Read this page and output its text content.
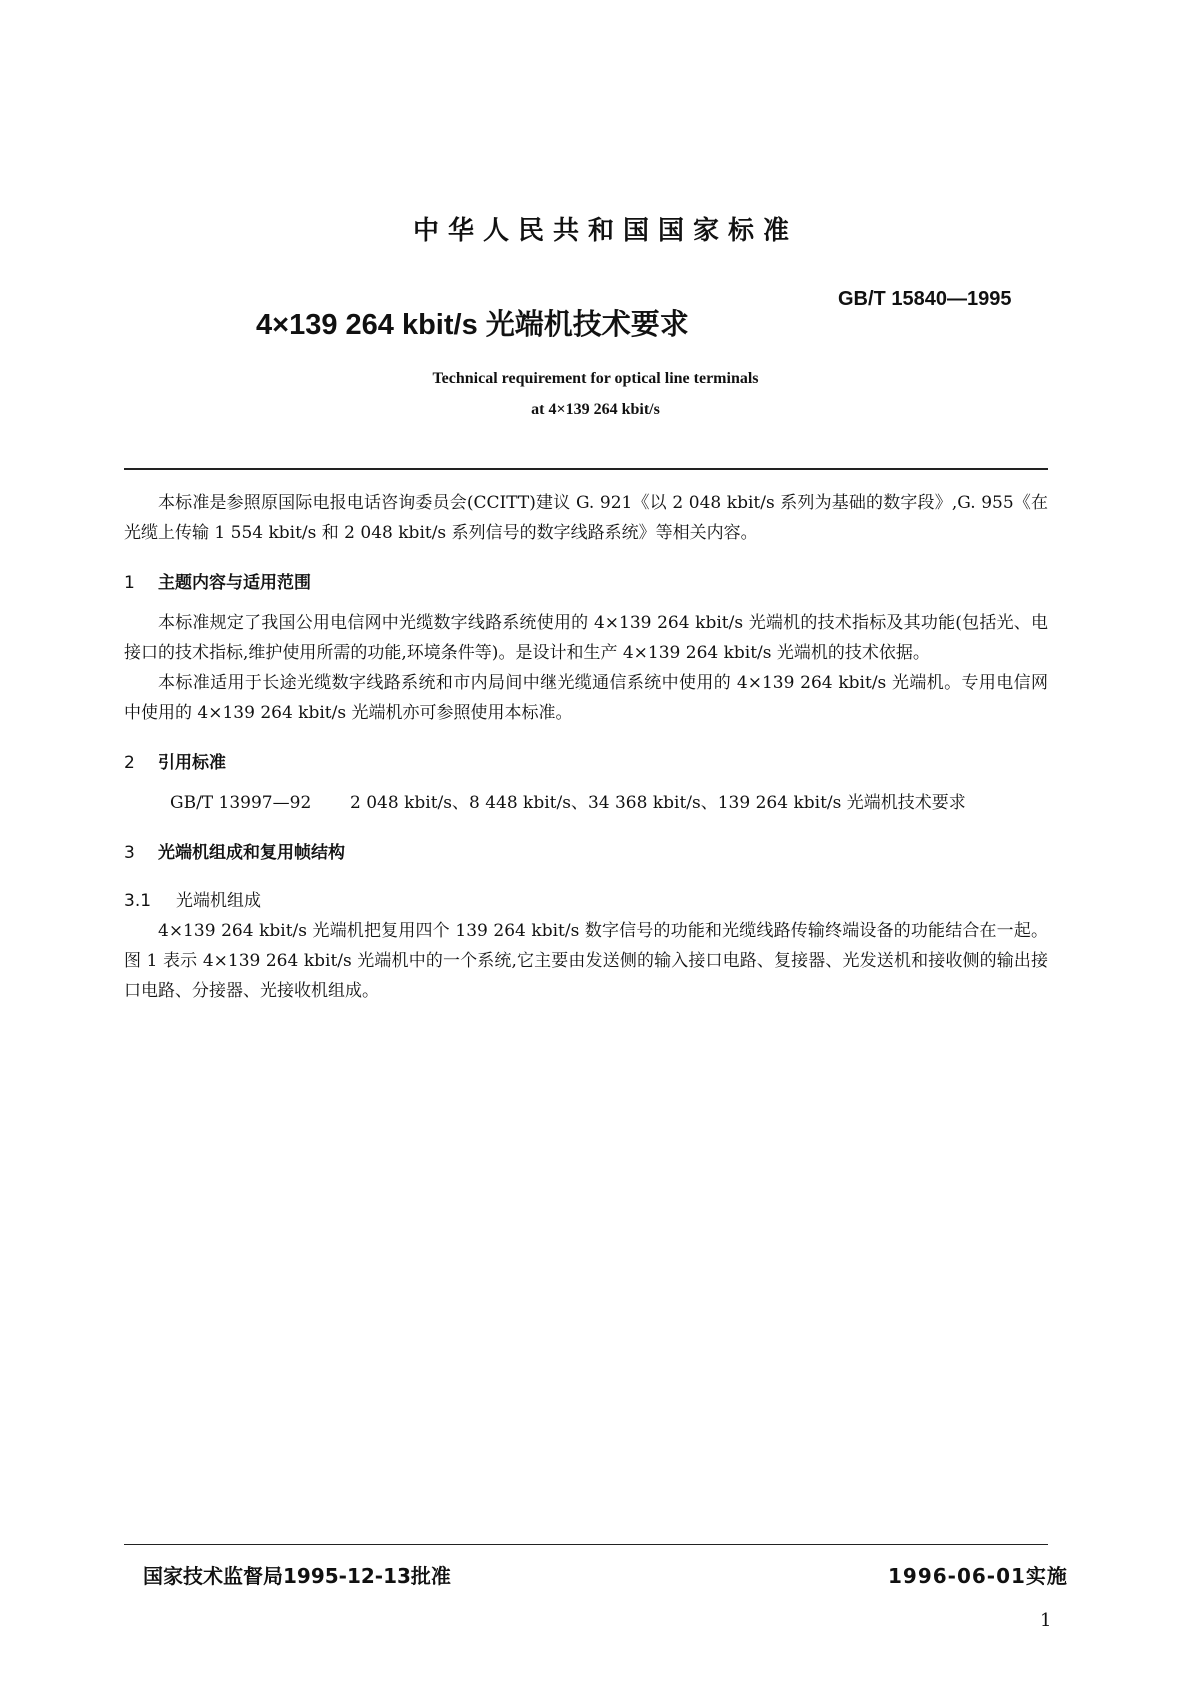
中华人民共和国国家标准
GB/T 15840—1995
4×139 264 kbit/s 光端机技术要求
Technical requirement for optical line terminals
at 4×139 264 kbit/s

本标准是参照原国际电报电话咨询委员会(CCITT)建议 G. 921《以 2 048 kbit/s 系列为基础的数字段》,G. 955《在光缆上传输 1 554 kbit/s 和 2 048 kbit/s 系列信号的数字线路系统》等相关内容。

1 主题内容与适用范围

本标准规定了我国公用电信网中光缆数字线路系统使用的 4×139 264 kbit/s 光端机的技术指标及其功能(包括光、电接口的技术指标,维护使用所需的功能,环境条件等)。是设计和生产 4×139 264 kbit/s 光端机的技术依据。

本标准适用于长途光缆数字线路系统和市内局间中继光缆通信系统中使用的 4×139 264 kbit/s 光端机。专用电信网中使用的 4×139 264 kbit/s 光端机亦可参照使用本标准。

2 引用标准

GB/T 13997—92 2 048 kbit/s、8 448 kbit/s、34 368 kbit/s、139 264 kbit/s 光端机技术要求

3 光端机组成和复用帧结构
3.1 光端机组成

4×139 264 kbit/s 光端机把复用四个 139 264 kbit/s 数字信号的功能和光缆线路传输终端设备的功能结合在一起。图 1 表示 4×139 264 kbit/s 光端机中的一个系统,它主要由发送侧的输入接口电路、复接器、光发送机和接收侧的输出接口电路、分接器、光接收机组成。

国家技术监督局1995-12-13批准	1996-06-01实施
1
